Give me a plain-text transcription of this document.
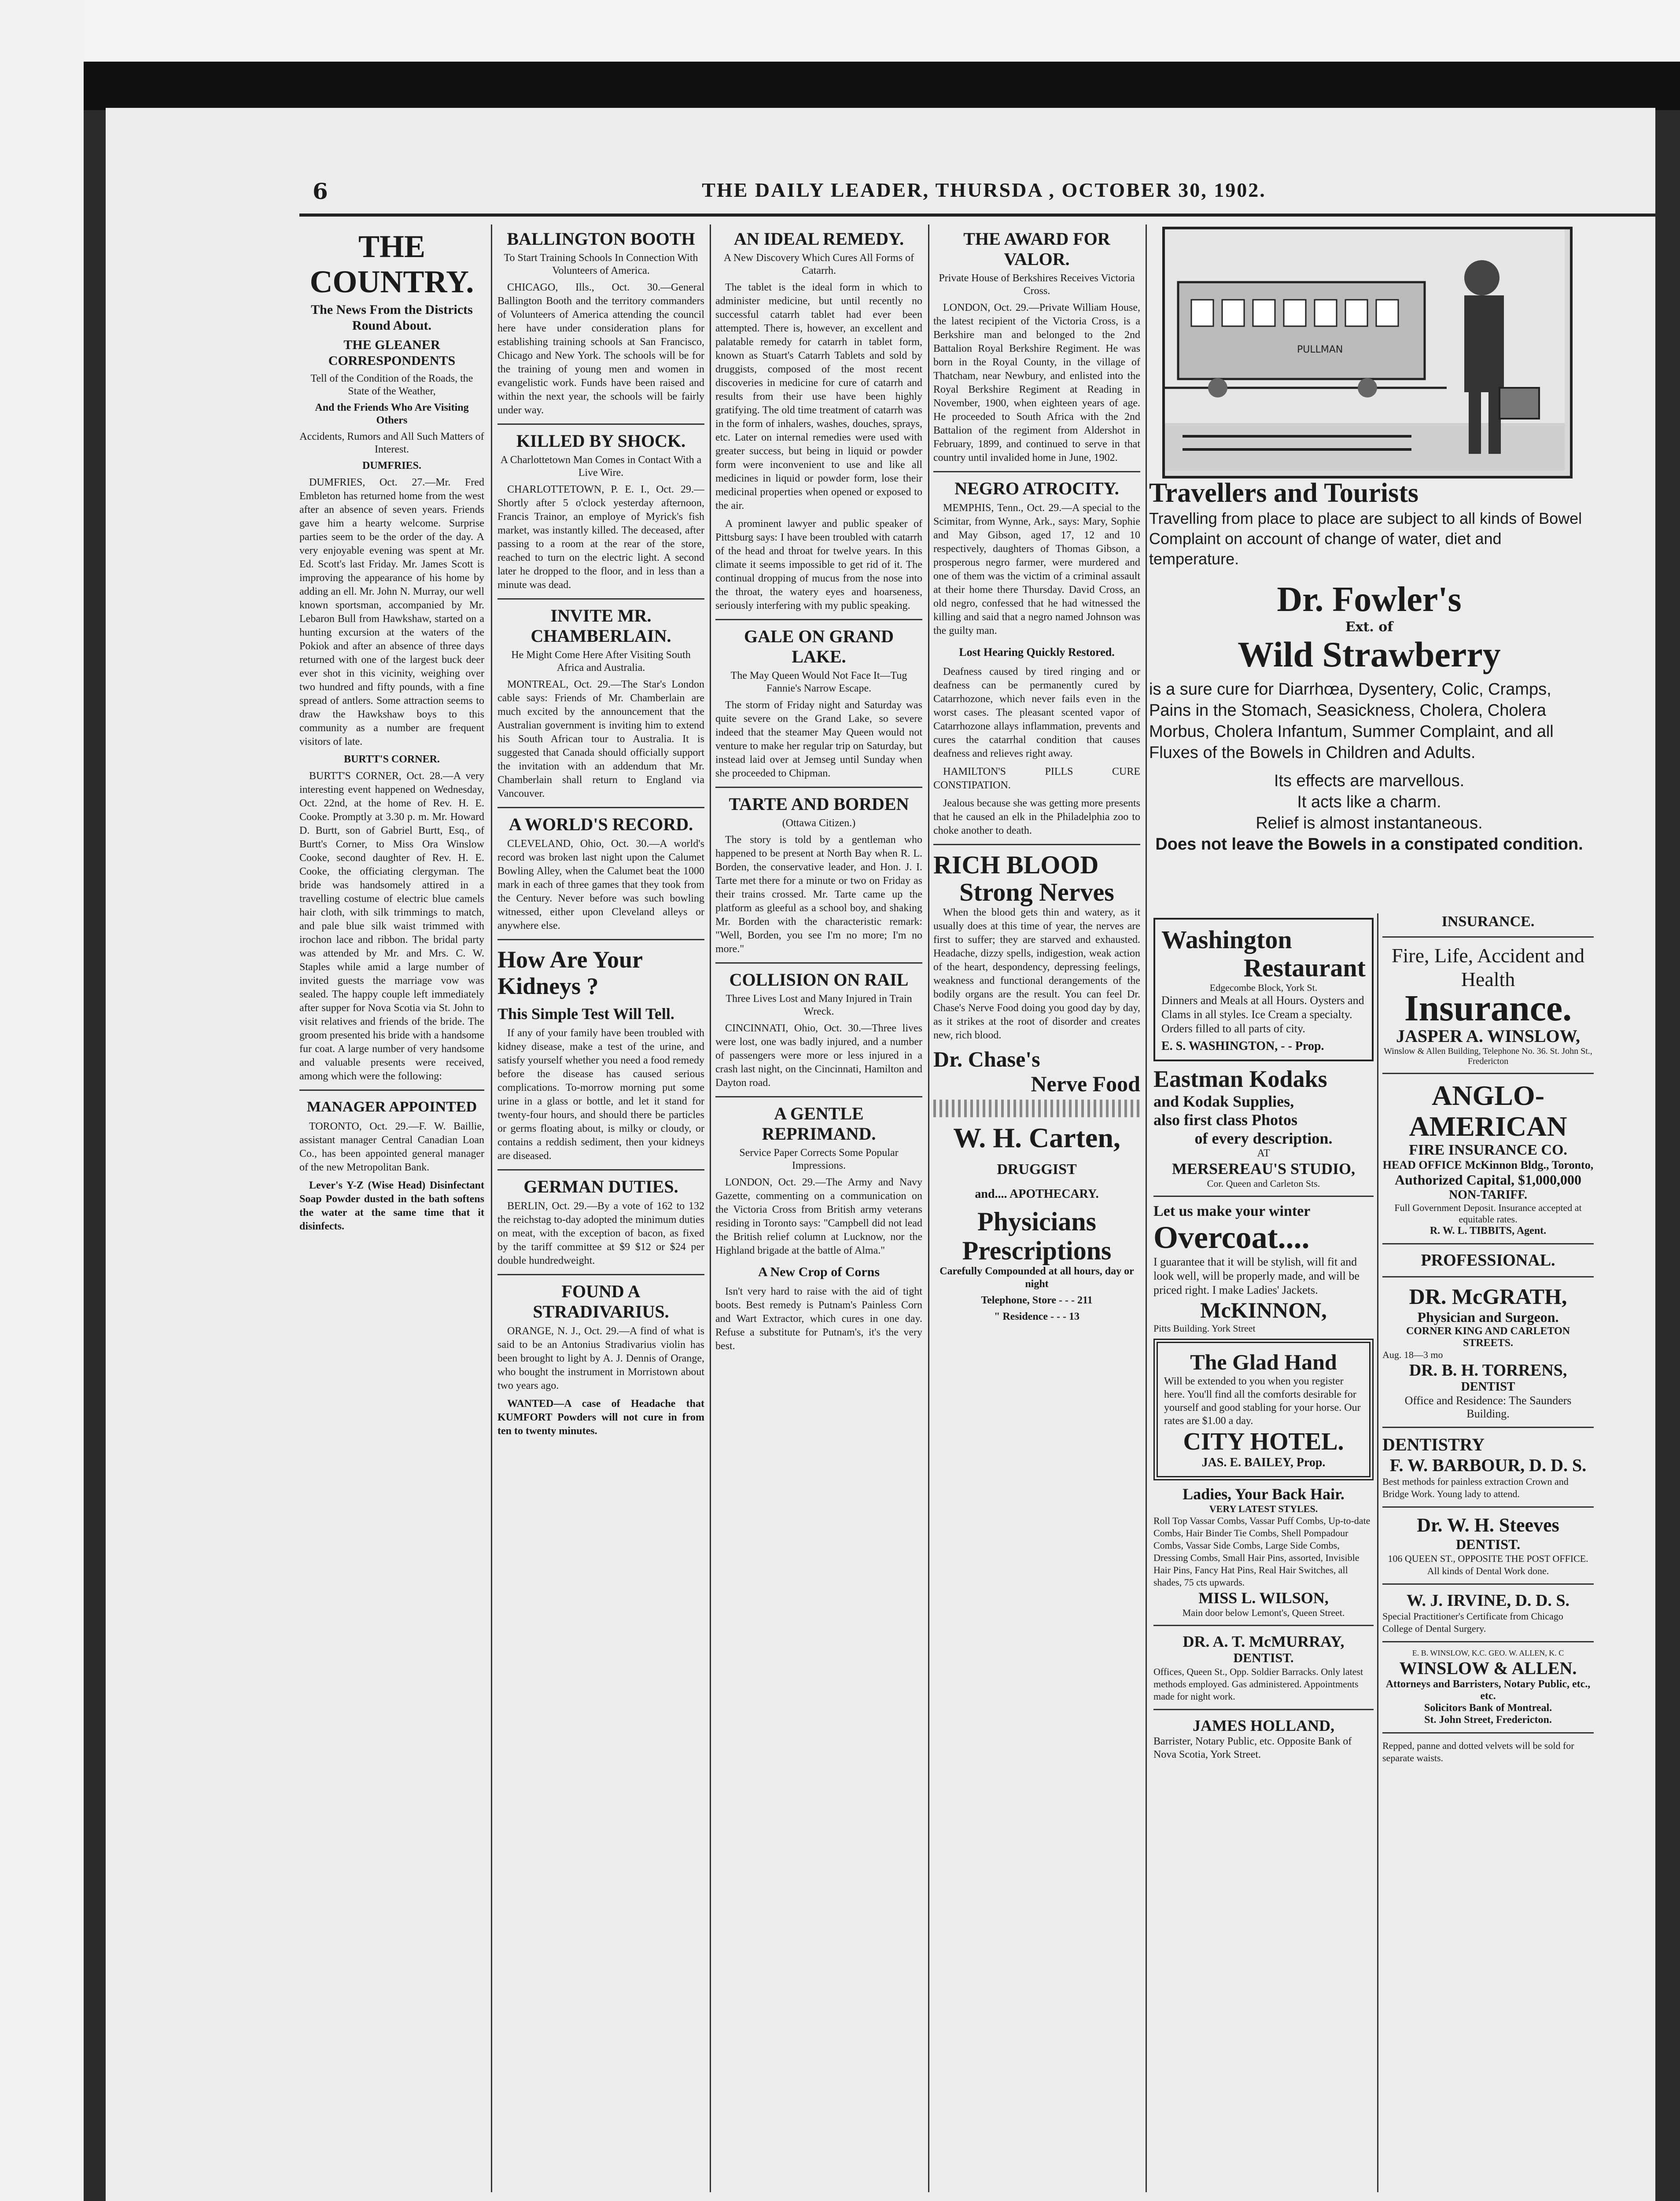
6	THE DAILY LEADER, THURSDA , OCTOBER 30, 1902.
THE COUNTRY.
The News From the Districts Round About.
THE GLEANER CORRESPONDENTS
Tell of the Condition of the Roads, the State of the Weather,
And the Friends Who Are Visiting Others
Accidents, Rumors and All Such Matters of Interest.
DUMFRIES.

DUMFRIES, Oct. 27.—Mr. Fred Embleton has returned home from the west after an absence of seven years. Friends gave him a hearty welcome. Surprise parties seem to be the order of the day. A very enjoyable evening was spent at Mr. Ed. Scott's last Friday. Mr. James Scott is improving the appearance of his home by adding an ell. Mr. John N. Murray, our well known sportsman, accompanied by Mr. Lebaron Bull from Hawkshaw, started on a hunting excursion at the waters of the Pokiok and after an absence of three days returned with one of the largest buck deer ever shot in this vicinity, weighing over two hundred and fifty pounds, with a fine spread of antlers. Some attraction seems to draw the Hawkshaw boys to this community as a number are frequent visitors of late.

BURTT'S CORNER.

BURTT'S CORNER, Oct. 28.—A very interesting event happened on Wednesday, Oct. 22nd, at the home of Rev. H. E. Cooke. Promptly at 3.30 p. m. Mr. Howard D. Burtt, son of Gabriel Burtt, Esq., of Burtt's Corner, to Miss Ora Winslow Cooke, second daughter of Rev. H. E. Cooke, the officiating clergyman. The bride was handsomely attired in a travelling costume of electric blue camels hair cloth, with silk trimmings to match, and pale blue silk waist trimmed with irochon lace and ribbon. The bridal party was attended by Mr. and Mrs. C. W. Staples while amid a large number of invited guests the marriage vow was sealed. The happy couple left immediately after supper for Nova Scotia via St. John to visit relatives and friends of the bride. The groom presented his bride with a handsome fur coat. A large number of very handsome and valuable presents were received, among which were the following:

MANAGER APPOINTED

TORONTO, Oct. 29.—F. W. Baillie, assistant manager Central Canadian Loan Co., has been appointed general manager of the new Metropolitan Bank.

Lever's Y-Z (Wise Head) Disinfectant Soap Powder dusted in the bath softens the water at the same time that it disinfects.

BALLINGTON BOOTH
To Start Training Schools In Connection With Volunteers of America.

CHICAGO, Ills., Oct. 30.—General Ballington Booth and the territory commanders of Volunteers of America attending the council here have under consideration plans for establishing training schools at San Francisco, Chicago and New York. The schools will be for the training of young men and women in evangelistic work. Funds have been raised and within the next year, the schools will be fairly under way.

KILLED BY SHOCK.
A Charlottetown Man Comes in Contact With a Live Wire.

CHARLOTTETOWN, P. E. I., Oct. 29.—Shortly after 5 o'clock yesterday afternoon, Francis Trainor, an employe of Myrick's fish market, was instantly killed. The deceased, after passing to a room at the rear of the store, reached to turn on the electric light. A second later he dropped to the floor, and in less than a minute was dead.

INVITE MR. CHAMBERLAIN.
He Might Come Here After Visiting South Africa and Australia.

MONTREAL, Oct. 29.—The Star's London cable says: Friends of Mr. Chamberlain are much excited by the announcement that the Australian government is inviting him to extend his South African tour to Australia. It is suggested that Canada should officially support the invitation with an addendum that Mr. Chamberlain shall return to England via Vancouver.

A WORLD'S RECORD.

CLEVELAND, Ohio, Oct. 30.—A world's record was broken last night upon the Calumet Bowling Alley, when the Calumet beat the 1000 mark in each of three games that they took from the Century. Never before was such bowling witnessed, either upon Cleveland alleys or anywhere else.

How Are Your Kidneys ?
This Simple Test Will Tell.

If any of your family have been troubled with kidney disease, make a test of the urine, and satisfy yourself whether you need a food remedy before the disease has caused serious complications. To-morrow morning put some urine in a glass or bottle, and let it stand for twenty-four hours, and should there be particles or germs floating about, is milky or cloudy, or contains a reddish sediment, then your kidneys are diseased.

GERMAN DUTIES.

BERLIN, Oct. 29.—By a vote of 162 to 132 the reichstag to-day adopted the minimum duties on meat, with the exception of bacon, as fixed by the tariff committee at $9 $12 or $24 per double hundredweight.

FOUND A STRADIVARIUS.

ORANGE, N. J., Oct. 29.—A find of what is said to be an Antonius Stradivarius violin has been brought to light by A. J. Dennis of Orange, who bought the instrument in Morristown about two years ago.

WANTED—A case of Headache that KUMFORT Powders will not cure in from ten to twenty minutes.

AN IDEAL REMEDY.
A New Discovery Which Cures All Forms of Catarrh.

The tablet is the ideal form in which to administer medicine, but until recently no successful catarrh tablet had ever been attempted. There is, however, an excellent and palatable remedy for catarrh in tablet form, known as Stuart's Catarrh Tablets and sold by druggists, composed of the most recent discoveries in medicine for cure of catarrh and results from their use have been highly gratifying. The old time treatment of catarrh was in the form of inhalers, washes, douches, sprays, etc. Later on internal remedies were used with greater success, but being in liquid or powder form were inconvenient to use and like all medicines in liquid or powder form, lose their medicinal properties when opened or exposed to the air.

A prominent lawyer and public speaker of Pittsburg says: I have been troubled with catarrh of the head and throat for twelve years. In this climate it seems impossible to get rid of it. The continual dropping of mucus from the nose into the throat, the watery eyes and hoarseness, seriously interfering with my public speaking.

GALE ON GRAND LAKE.
The May Queen Would Not Face It—Tug Fannie's Narrow Escape.

The storm of Friday night and Saturday was quite severe on the Grand Lake, so severe indeed that the steamer May Queen would not venture to make her regular trip on Saturday, but instead laid over at Jemseg until Sunday when she proceeded to Chipman.

TARTE AND BORDEN
(Ottawa Citizen.)

The story is told by a gentleman who happened to be present at North Bay when R. L. Borden, the conservative leader, and Hon. J. I. Tarte met there for a minute or two on Friday as their trains crossed. Mr. Tarte came up the platform as gleeful as a school boy, and shaking Mr. Borden with the characteristic remark: "Well, Borden, you see I'm no more; I'm no more."

COLLISION ON RAIL
Three Lives Lost and Many Injured in Train Wreck.

CINCINNATI, Ohio, Oct. 30.—Three lives were lost, one was badly injured, and a number of passengers were more or less injured in a crash last night, on the Cincinnati, Hamilton and Dayton road.

A GENTLE REPRIMAND.
Service Paper Corrects Some Popular Impressions.

LONDON, Oct. 29.—The Army and Navy Gazette, commenting on a communication on the Victoria Cross from British army veterans residing in Toronto says: "Campbell did not lead the British relief column at Lucknow, nor the Highland brigade at the battle of Alma."

A New Crop of Corns

Isn't very hard to raise with the aid of tight boots. Best remedy is Putnam's Painless Corn and Wart Extractor, which cures in one day. Refuse a substitute for Putnam's, it's the very best.

THE AWARD FOR VALOR.
Private House of Berkshires Receives Victoria Cross.

LONDON, Oct. 29.—Private William House, the latest recipient of the Victoria Cross, is a Berkshire man and belonged to the 2nd Battalion Royal Berkshire Regiment. He was born in the Royal County, in the village of Thatcham, near Newbury, and enlisted into the Royal Berkshire Regiment at Reading in November, 1900, when eighteen years of age. He proceeded to South Africa with the 2nd Battalion of the regiment from Aldershot in February, 1899, and continued to serve in that country until invalided home in June, 1902.

NEGRO ATROCITY.

MEMPHIS, Tenn., Oct. 29.—A special to the Scimitar, from Wynne, Ark., says: Mary, Sophie and May Gibson, aged 17, 12 and 10 respectively, daughters of Thomas Gibson, a prosperous negro farmer, were murdered and one of them was the victim of a criminal assault at their home there Thursday. David Cross, an old negro, confessed that he had witnessed the killing and said that a negro named Johnson was the guilty man.

Lost Hearing Quickly Restored.

Deafness caused by tired ringing and or deafness can be permanently cured by Catarrhozone, which never fails even in the worst cases. The pleasant scented vapor of Catarrhozone allays inflammation, prevents and cures the catarrhal condition that causes deafness and relieves right away.

HAMILTON'S PILLS CURE CONSTIPATION.

Jealous because she was getting more presents that he caused an elk in the Philadelphia zoo to choke another to death.

RICH BLOOD
Strong Nerves

When the blood gets thin and watery, as it usually does at this time of year, the nerves are first to suffer; they are starved and exhausted. Headache, dizzy spells, indigestion, weak action of the heart, despondency, depressing feelings, weakness and functional derangements of the bodily organs are the result. You can feel Dr. Chase's Nerve Food doing you good day by day, as it strikes at the root of disorder and creates new, rich blood.

Dr. Chase's
Nerve Food
W. H. Carten,
DRUGGIST
and.... APOTHECARY.
Physicians Prescriptions
Carefully Compounded at all hours, day or night
Telephone, Store - - - 211
" Residence - - - 13
PULLMAN
Travellers and Tourists
Travelling from place to place are subject to all kinds of Bowel Complaint on account of change of water, diet and temperature.
Dr. Fowler's
Ext. of
Wild Strawberry
is a sure cure for Diarrhœa, Dysentery, Colic, Cramps, Pains in the Stomach, Seasickness, Cholera, Cholera Morbus, Cholera Infantum, Summer Complaint, and all Fluxes of the Bowels in Children and Adults.
Its effects are marvellous.
It acts like a charm.
Relief is almost instantaneous.
Does not leave the Bowels in a constipated condition.
Washington
Restaurant
Edgecombe Block, York St.
Dinners and Meals at all Hours. Oysters and Clams in all styles. Ice Cream a specialty. Orders filled to all parts of city.
E. S. WASHINGTON, - - Prop.
Eastman Kodaks
and Kodak Supplies,
also first class Photos
of every description.
AT
MERSEREAU'S STUDIO,
Cor. Queen and Carleton Sts.
Let us make your winter
Overcoat....
I guarantee that it will be stylish, will fit and look well, will be properly made, and will be priced right. I make Ladies' Jackets.
McKINNON,
Pitts Building. York Street
The Glad Hand
Will be extended to you when you register here. You'll find all the comforts desirable for yourself and good stabling for your horse. Our rates are $1.00 a day.
CITY HOTEL.
JAS. E. BAILEY, Prop.
Ladies, Your Back Hair.
VERY LATEST STYLES.
Roll Top Vassar Combs, Vassar Puff Combs, Up-to-date Combs, Hair Binder Tie Combs, Shell Pompadour Combs, Vassar Side Combs, Large Side Combs, Dressing Combs, Small Hair Pins, assorted, Invisible Hair Pins, Fancy Hat Pins, Real Hair Switches, all shades, 75 cts upwards.
MISS L. WILSON,
Main door below Lemont's, Queen Street.
DR. A. T. McMURRAY,
DENTIST.
Offices, Queen St., Opp. Soldier Barracks. Only latest methods employed. Gas administered. Appointments made for night work.
JAMES HOLLAND,
Barrister, Notary Public, etc. Opposite Bank of Nova Scotia, York Street.
INSURANCE.
Fire, Life, Accident and Health
Insurance.
JASPER A. WINSLOW,
Winslow & Allen Building, Telephone No. 36. St. John St., Fredericton
ANGLO-AMERICAN
FIRE INSURANCE CO.
HEAD OFFICE McKinnon Bldg., Toronto,
Authorized Capital, $1,000,000
NON-TARIFF.
Full Government Deposit. Insurance accepted at equitable rates.
R. W. L. TIBBITS, Agent.
PROFESSIONAL.
DR. McGRATH,
Physician and Surgeon.
CORNER KING AND CARLETON STREETS.
Aug. 18—3 mo
DR. B. H. TORRENS,
DENTIST
Office and Residence: The Saunders Building.
DENTISTRY
F. W. BARBOUR, D. D. S.
Best methods for painless extraction Crown and Bridge Work. Young lady to attend.
Dr. W. H. Steeves
DENTIST.
106 QUEEN ST., OPPOSITE THE POST OFFICE. All kinds of Dental Work done.
W. J. IRVINE, D. D. S.
Special Practitioner's Certificate from Chicago College of Dental Surgery.
E. B. WINSLOW, K.C. GEO. W. ALLEN, K. C
WINSLOW & ALLEN.
Attorneys and Barristers, Notary Public, etc., etc.
Solicitors Bank of Montreal.
St. John Street, Fredericton.
Repped, panne and dotted velvets will be sold for separate waists.
